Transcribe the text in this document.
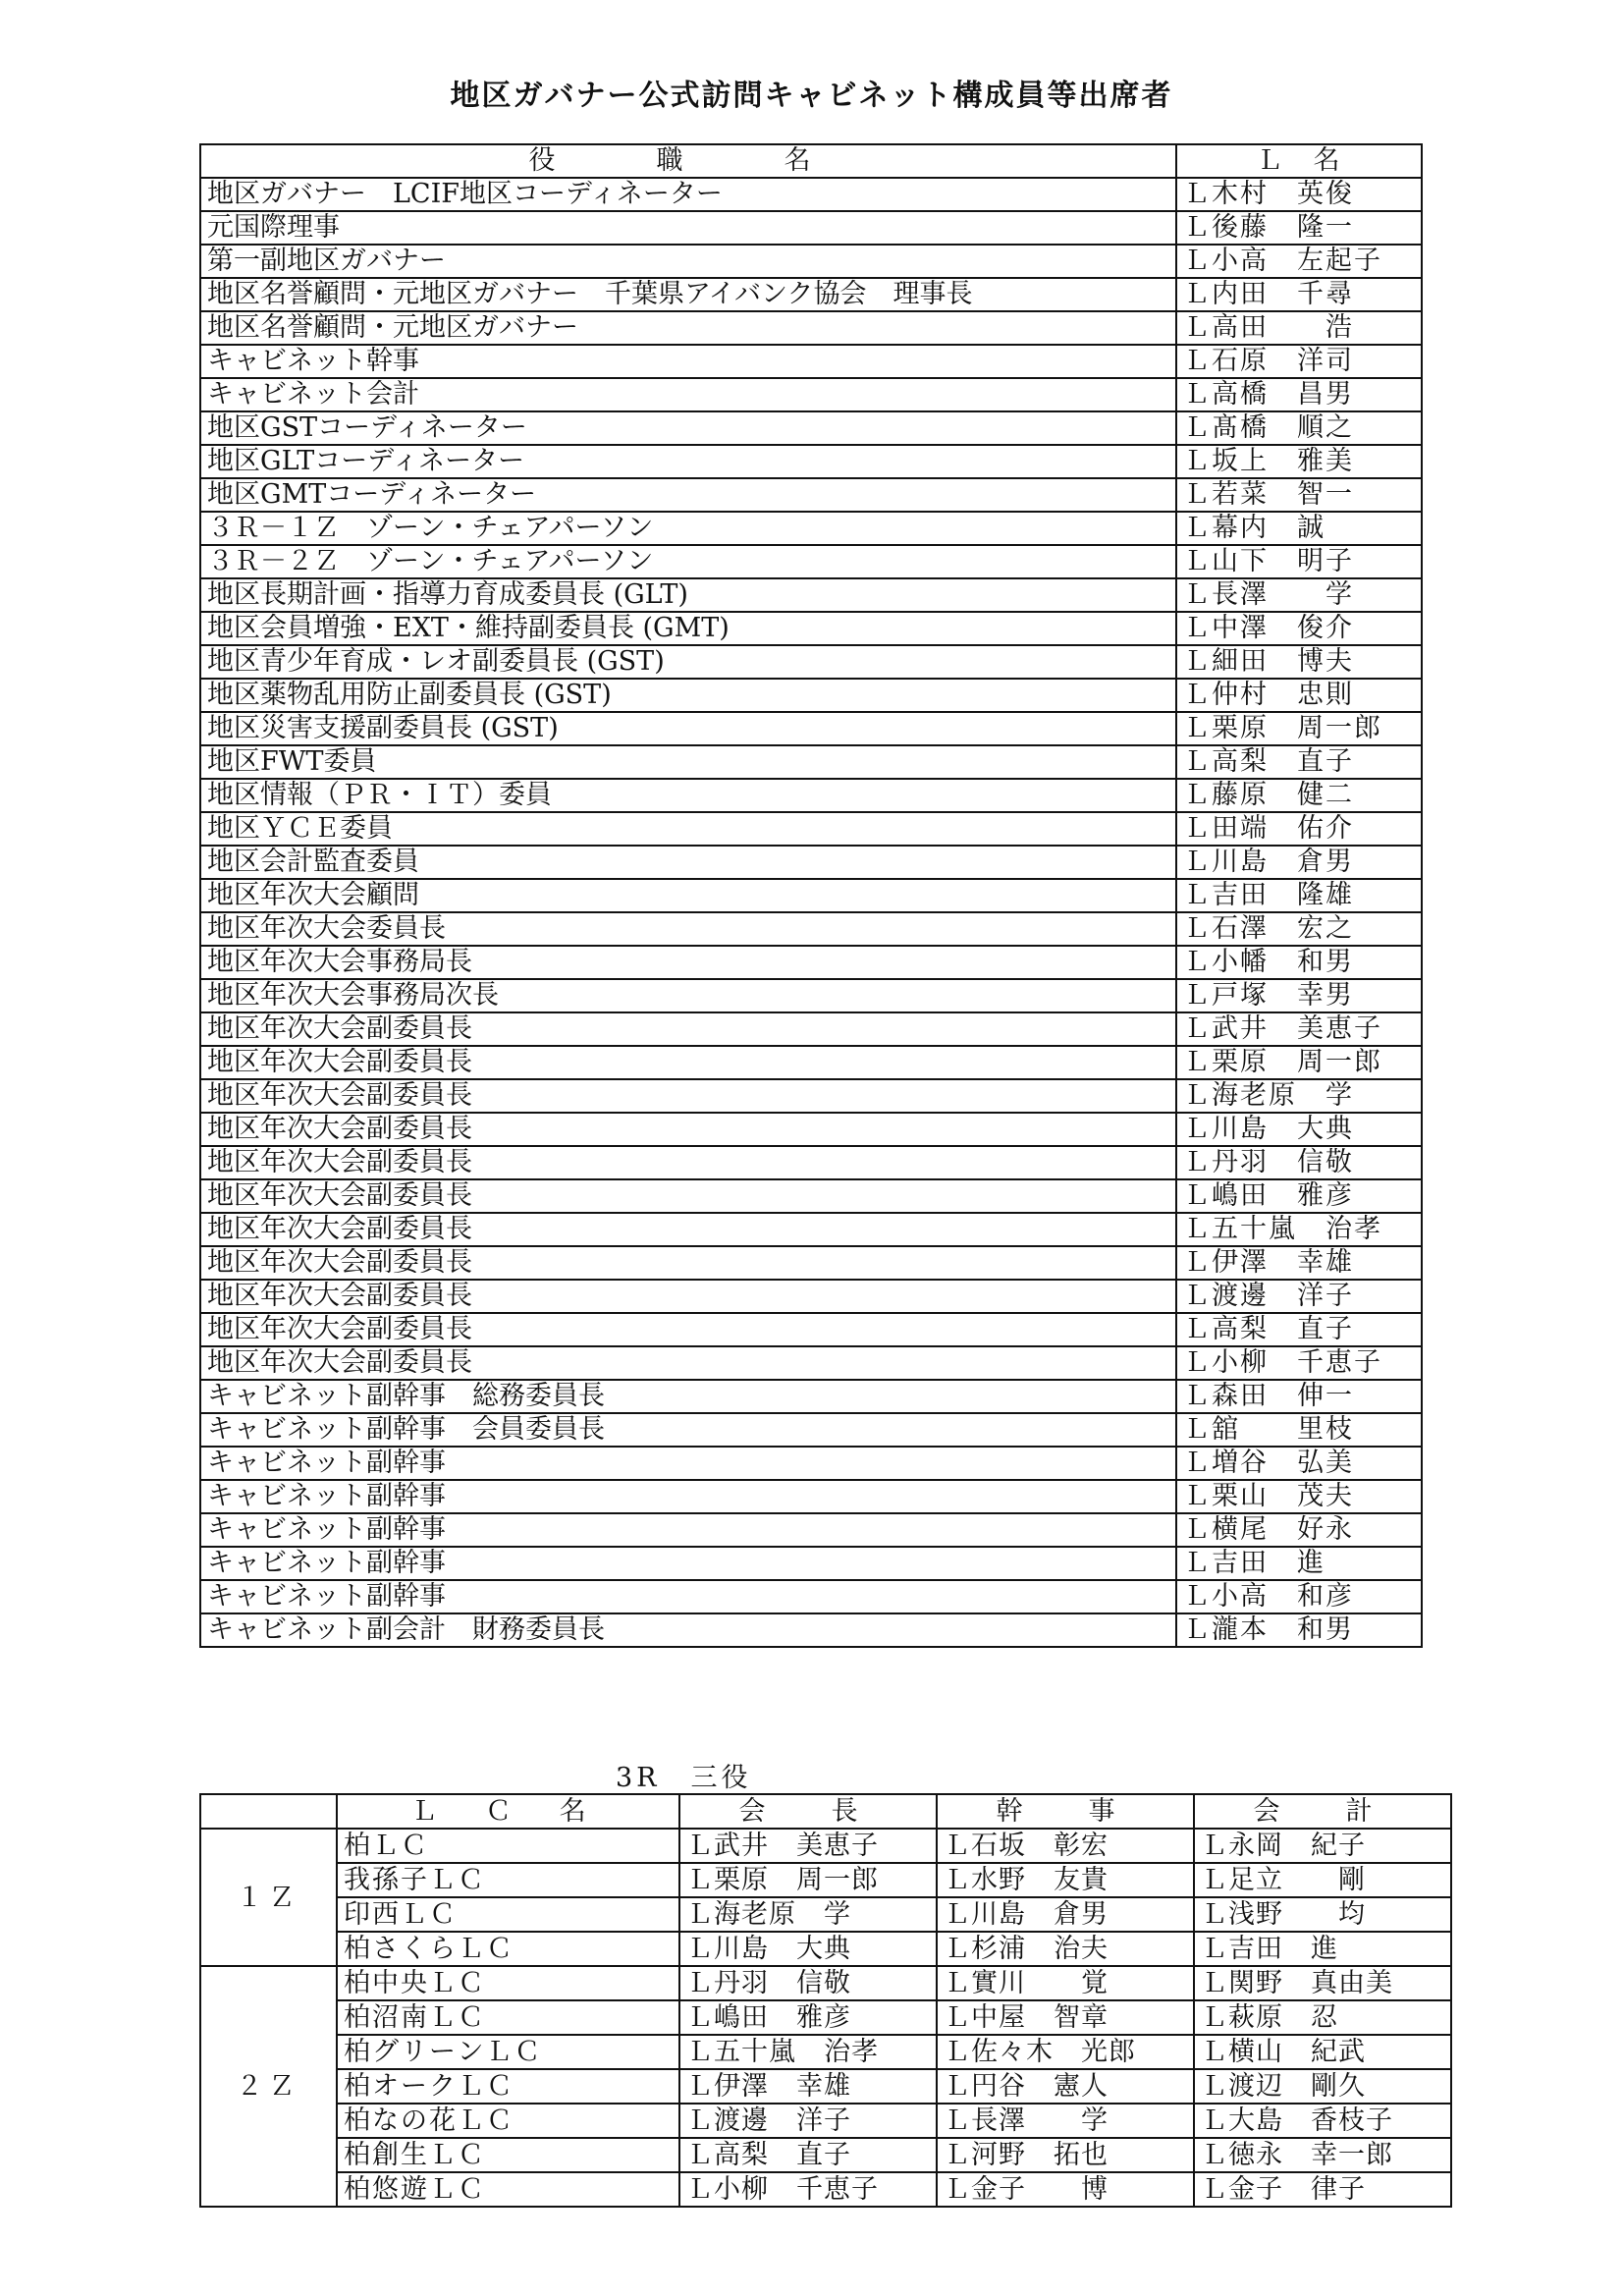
地区ガバナー公式訪問キャビネット構成員等出席者
役　職　名	Ｌ　名
地区ガバナー　LCIF地区コーディネーター	Ｌ木村　英俊
元国際理事	Ｌ後藤　隆一
第一副地区ガバナー	Ｌ小高　左起子
地区名誉顧問・元地区ガバナー　千葉県アイバンク協会　理事長	Ｌ内田　千尋
地区名誉顧問・元地区ガバナー	Ｌ高田　　浩
キャビネット幹事	Ｌ石原　洋司
キャビネット会計	Ｌ高橋　昌男
地区GSTコーディネーター	Ｌ髙橋　順之
地区GLTコーディネーター	Ｌ坂上　雅美
地区GMTコーディネーター	Ｌ若菜　智一
３Ｒ－１Ｚ　ゾーン・チェアパーソン	Ｌ幕内　誠
３Ｒ－２Ｚ　ゾーン・チェアパーソン	Ｌ山下　明子
地区長期計画・指導力育成委員長 (GLT)	Ｌ長澤　　学
地区会員増強・EXT・維持副委員長 (GMT)	Ｌ中澤　俊介
地区青少年育成・レオ副委員長 (GST)	Ｌ細田　博夫
地区薬物乱用防止副委員長 (GST)	Ｌ仲村　忠則
地区災害支援副委員長 (GST)	Ｌ栗原　周一郎
地区FWT委員	Ｌ高梨　直子
地区情報（ＰＲ・ＩＴ）委員	Ｌ藤原　健二
地区ＹＣＥ委員	Ｌ田端　佑介
地区会計監査委員	Ｌ川島　倉男
地区年次大会顧問	Ｌ吉田　隆雄
地区年次大会委員長	Ｌ石澤　宏之
地区年次大会事務局長	Ｌ小幡　和男
地区年次大会事務局次長	Ｌ戸塚　幸男
地区年次大会副委員長	Ｌ武井　美恵子
地区年次大会副委員長	Ｌ栗原　周一郎
地区年次大会副委員長	Ｌ海老原　学
地区年次大会副委員長	Ｌ川島　大典
地区年次大会副委員長	Ｌ丹羽　信敬
地区年次大会副委員長	Ｌ嶋田　雅彦
地区年次大会副委員長	Ｌ五十嵐　治孝
地区年次大会副委員長	Ｌ伊澤　幸雄
地区年次大会副委員長	Ｌ渡邊　洋子
地区年次大会副委員長	Ｌ高梨　直子
地区年次大会副委員長	Ｌ小柳　千恵子
キャビネット副幹事　総務委員長	Ｌ森田　伸一
キャビネット副幹事　会員委員長	Ｌ舘　　里枝
キャビネット副幹事	Ｌ増谷　弘美
キャビネット副幹事	Ｌ栗山　茂夫
キャビネット副幹事	Ｌ横尾　好永
キャビネット副幹事	Ｌ吉田　進
キャビネット副幹事	Ｌ小高　和彦
キャビネット副会計　財務委員長	Ｌ瀧本　和男
3R　三役
	Ｌ Ｃ 名	会　長	幹　事	会　計
１Ｚ	柏ＬＣ	Ｌ武井　美恵子	Ｌ石坂　彰宏	Ｌ永岡　紀子
	我孫子ＬＣ	Ｌ栗原　周一郎	Ｌ水野　友貴	Ｌ足立　　剛
	印西ＬＣ	Ｌ海老原　学	Ｌ川島　倉男	Ｌ浅野　　均
	柏さくらＬＣ	Ｌ川島　大典	Ｌ杉浦　治夫	Ｌ吉田　進
２Ｚ	柏中央ＬＣ	Ｌ丹羽　信敬	Ｌ實川　　覚	Ｌ関野　真由美
	柏沼南ＬＣ	Ｌ嶋田　雅彦	Ｌ中屋　智章	Ｌ萩原　忍
	柏グリーンＬＣ	Ｌ五十嵐　治孝	Ｌ佐々木　光郎	Ｌ横山　紀武
	柏オークＬＣ	Ｌ伊澤　幸雄	Ｌ円谷　憲人	Ｌ渡辺　剛久
	柏なの花ＬＣ	Ｌ渡邊　洋子	Ｌ長澤　　学	Ｌ大島　香枝子
	柏創生ＬＣ	Ｌ高梨　直子	Ｌ河野　拓也	Ｌ徳永　幸一郎
	柏悠遊ＬＣ	Ｌ小柳　千恵子	Ｌ金子　　博	Ｌ金子　律子
